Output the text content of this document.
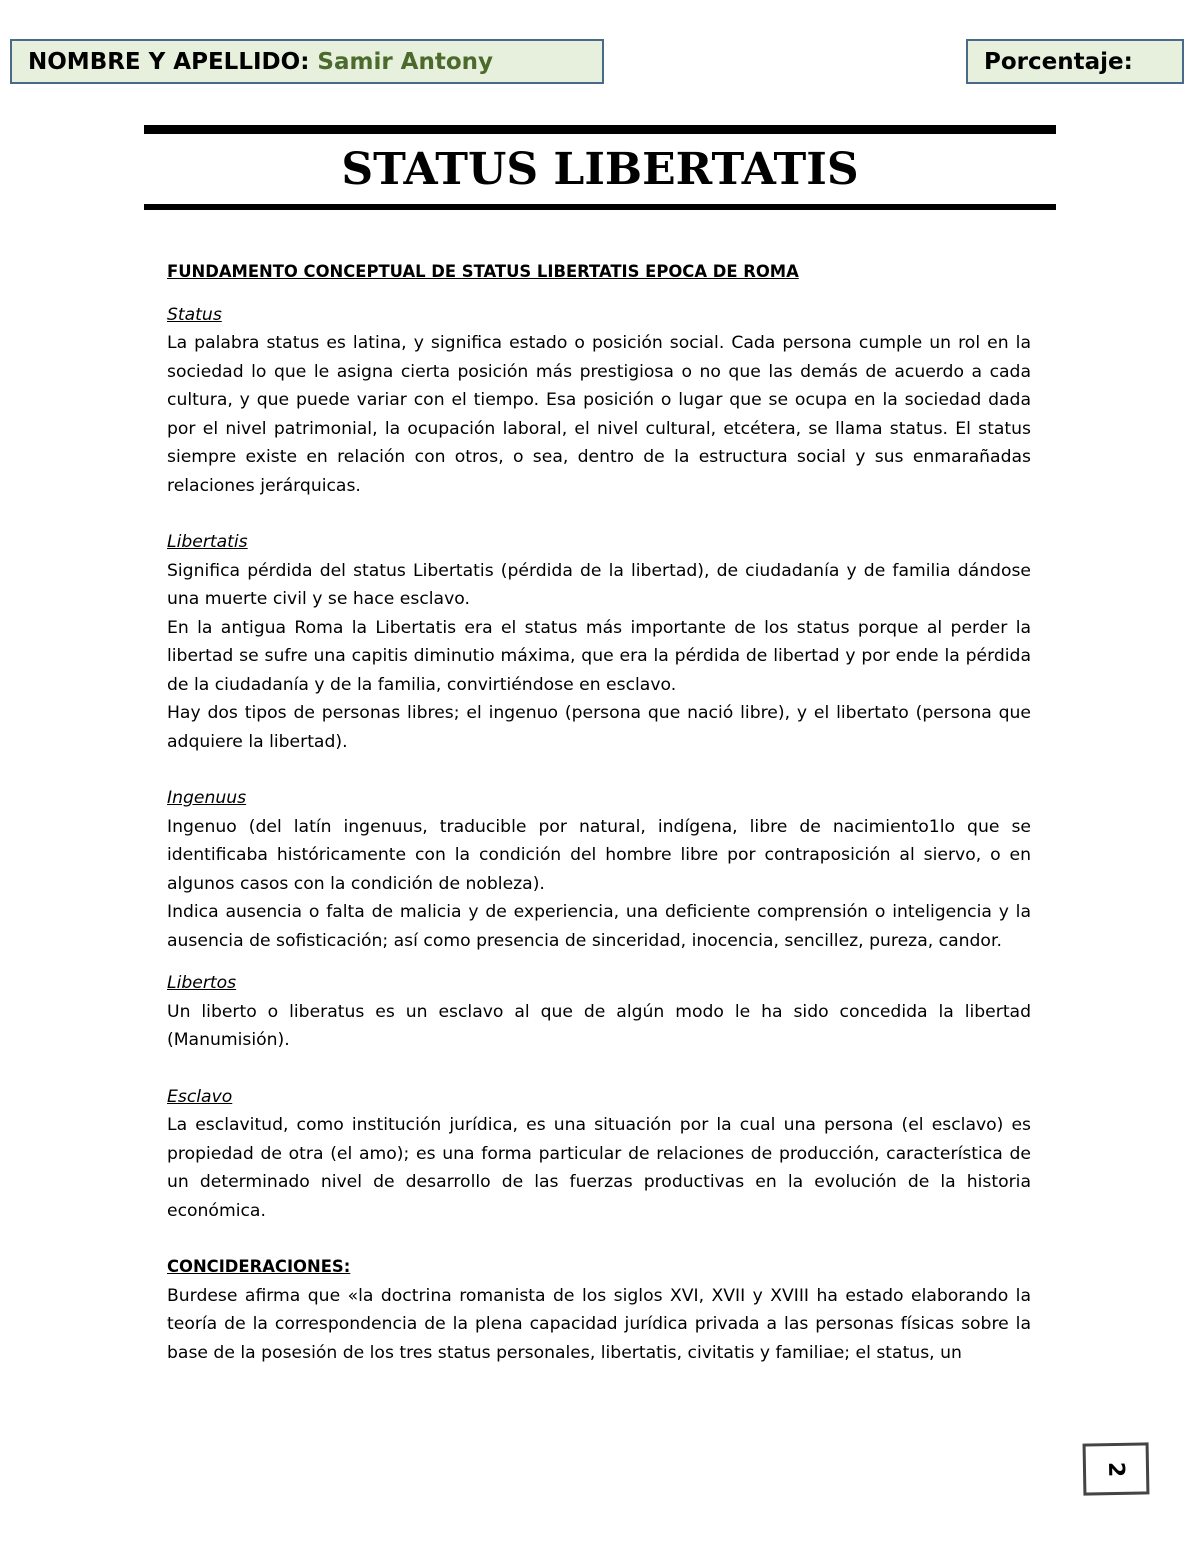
NOMBRE Y APELLIDO: Samir Antony	Porcentaje:
STATUS LIBERTATIS

FUNDAMENTO CONCEPTUAL DE STATUS LIBERTATIS EPOCA DE ROMA

Status

La palabra status es latina, y significa estado o posición social. Cada persona cumple un rol en la sociedad lo que le asigna cierta posición más prestigiosa o no que las demás de acuerdo a cada cultura, y que puede variar con el tiempo. Esa posición o lugar que se ocupa en la sociedad dada por el nivel patrimonial, la ocupación laboral, el nivel cultural, etcétera, se llama status. El status siempre existe en relación con otros, o sea, dentro de la estructura social y sus enmarañadas relaciones jerárquicas.

Libertatis

Significa pérdida del status Libertatis (pérdida de la libertad), de ciudadanía y de familia dándose una muerte civil y se hace esclavo.

En la antigua Roma la Libertatis era el status más importante de los status porque al perder la libertad se sufre una capitis diminutio máxima, que era la pérdida de libertad y por ende la pérdida de la ciudadanía y de la familia, convirtiéndose en esclavo.

Hay dos tipos de personas libres; el ingenuo (persona que nació libre), y el libertato (persona que adquiere la libertad).

Ingenuus

Ingenuo (del latín ingenuus, traducible por natural, indígena, libre de nacimiento1lo que se identificaba históricamente con la condición del hombre libre por contraposición al siervo, o en algunos casos con la condición de nobleza).

Indica ausencia o falta de malicia y de experiencia, una deficiente comprensión o inteligencia y la ausencia de sofisticación; así como presencia de sinceridad, inocencia, sencillez, pureza, candor.

Libertos

Un liberto o liberatus es un esclavo al que de algún modo le ha sido concedida la libertad (Manumisión).

Esclavo

La esclavitud, como institución jurídica, es una situación por la cual una persona (el esclavo) es propiedad de otra (el amo); es una forma particular de relaciones de producción, característica de un determinado nivel de desarrollo de las fuerzas productivas en la evolución de la historia económica.

CONCIDERACIONES:

Burdese afirma que «la doctrina romanista de los siglos XVI, XVII y XVIII ha estado elaborando la teoría de la correspondencia de la plena capacidad jurídica privada a las personas físicas sobre la base de la posesión de los tres status personales, libertatis, civitatis y familiae; el status, un

2
